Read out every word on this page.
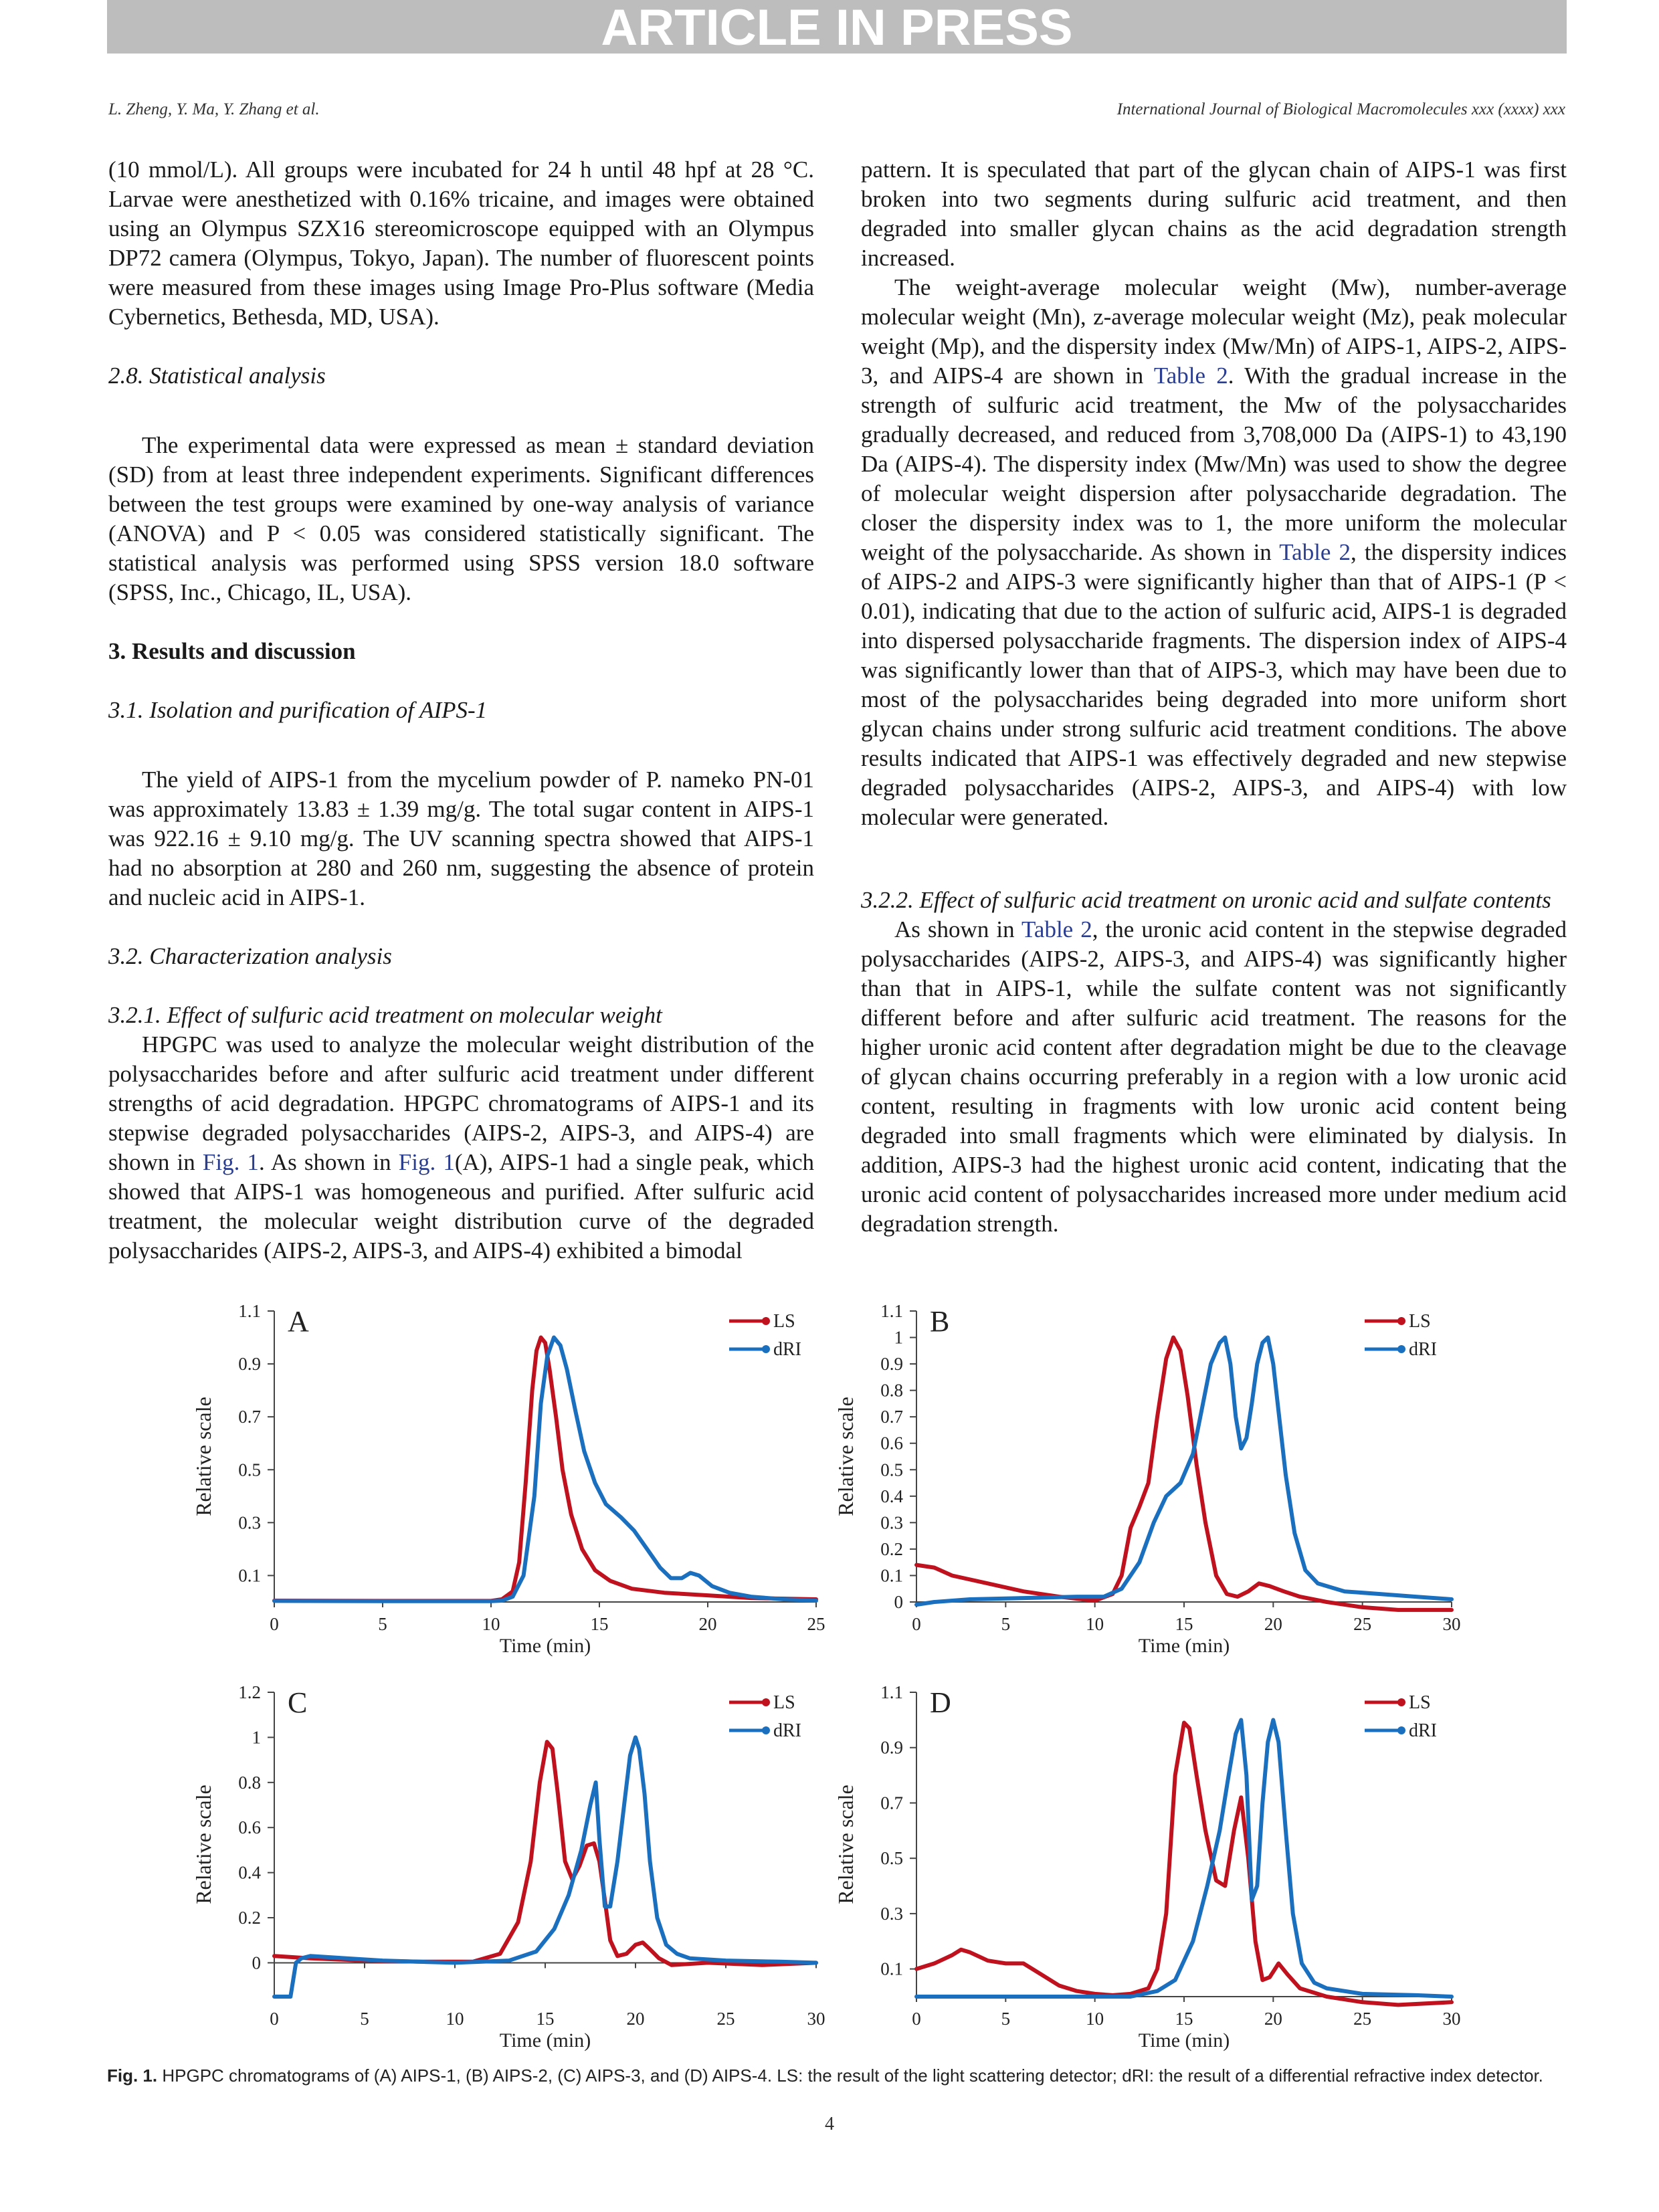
ARTICLE IN PRESS
L. Zheng, Y. Ma, Y. Zhang et al.	International Journal of Biological Macromolecules xxx (xxxx) xxx

(10 mmol/L). All groups were incubated for 24 h until 48 hpf at 28 °C. Larvae were anesthetized with 0.16% tricaine, and images were obtained using an Olympus SZX16 stereomicroscope equipped with an Olympus DP72 camera (Olympus, Tokyo, Japan). The number of fluorescent points were measured from these images using Image Pro-Plus software (Media Cybernetics, Bethesda, MD, USA).

2.8. Statistical analysis

The experimental data were expressed as mean ± standard deviation (SD) from at least three independent experiments. Significant differences between the test groups were examined by one-way analysis of variance (ANOVA) and P < 0.05 was considered statistically significant. The statistical analysis was performed using SPSS version 18.0 software (SPSS, Inc., Chicago, IL, USA).

3. Results and discussion

3.1. Isolation and purification of AIPS-1

The yield of AIPS-1 from the mycelium powder of P. nameko PN-01 was approximately 13.83 ± 1.39 mg/g. The total sugar content in AIPS-1 was 922.16 ± 9.10 mg/g. The UV scanning spectra showed that AIPS-1 had no absorption at 280 and 260 nm, suggesting the absence of protein and nucleic acid in AIPS-1.

3.2. Characterization analysis

3.2.1. Effect of sulfuric acid treatment on molecular weight

HPGPC was used to analyze the molecular weight distribution of the polysaccharides before and after sulfuric acid treatment under different strengths of acid degradation. HPGPC chromatograms of AIPS-1 and its stepwise degraded polysaccharides (AIPS-2, AIPS-3, and AIPS-4) are shown in Fig. 1. As shown in Fig. 1(A), AIPS-1 had a single peak, which showed that AIPS-1 was homogeneous and purified. After sulfuric acid treatment, the molecular weight distribution curve of the degraded polysaccharides (AIPS-2, AIPS-3, and AIPS-4) exhibited a bimodal

pattern. It is speculated that part of the glycan chain of AIPS-1 was first broken into two segments during sulfuric acid treatment, and then degraded into smaller glycan chains as the acid degradation strength increased.

The weight-average molecular weight (Mw), number-average molecular weight (Mn), z-average molecular weight (Mz), peak molecular weight (Mp), and the dispersity index (Mw/Mn) of AIPS-1, AIPS-2, AIPS-3, and AIPS-4 are shown in Table 2. With the gradual increase in the strength of sulfuric acid treatment, the Mw of the polysaccharides gradually decreased, and reduced from 3,708,000 Da (AIPS-1) to 43,190 Da (AIPS-4). The dispersity index (Mw/Mn) was used to show the degree of molecular weight dispersion after polysaccharide degradation. The closer the dispersity index was to 1, the more uniform the molecular weight of the polysaccharide. As shown in Table 2, the dispersity indices of AIPS-2 and AIPS-3 were significantly higher than that of AIPS-1 (P < 0.01), indicating that due to the action of sulfuric acid, AIPS-1 is degraded into dispersed polysaccharide fragments. The dispersion index of AIPS-4 was significantly lower than that of AIPS-3, which may have been due to most of the polysaccharides being degraded into more uniform short glycan chains under strong sulfuric acid treatment conditions. The above results indicated that AIPS-1 was effectively degraded and new stepwise degraded polysaccharides (AIPS-2, AIPS-3, and AIPS-4) with low molecular were generated.

3.2.2. Effect of sulfuric acid treatment on uronic acid and sulfate contents

As shown in Table 2, the uronic acid content in the stepwise degraded polysaccharides (AIPS-2, AIPS-3, and AIPS-4) was significantly higher than that in AIPS-1, while the sulfate content was not significantly different before and after sulfuric acid treatment. The reasons for the higher uronic acid content after degradation might be due to the cleavage of glycan chains occurring preferably in a region with a low uronic acid content, resulting in fragments with low uronic acid content being degraded into small fragments which were eliminated by dialysis. In addition, AIPS-3 had the highest uronic acid content, indicating that the uronic acid content of polysaccharides increased more under medium acid degradation strength.

0.1
0.3
0.5
0.7
0.9
1.1
0	5	10	15	20	25
Time (min)
Relative scale
A	LS
dRI
0
0.1
0.2
0.3
0.4
0.5
0.6
0.7
0.8
0.9
1
1.1
0	5	10	15	20	25	30
Time (min)
Relative scale
B	LS
dRI
0
0.2
0.4
0.6
0.8
1
1.2
0	5	10	15	20	25	30
Time (min)
Relative scale
C	LS
dRI
0.1
0.3
0.5
0.7
0.9
1.1
0	5	10	15	20	25	30
Time (min)
Relative scale
D	LS
dRI
Fig. 1. HPGPC chromatograms of (A) AIPS-1, (B) AIPS-2, (C) AIPS-3, and (D) AIPS-4. LS: the result of the light scattering detector; dRI: the result of a differential refractive index detector.
4
